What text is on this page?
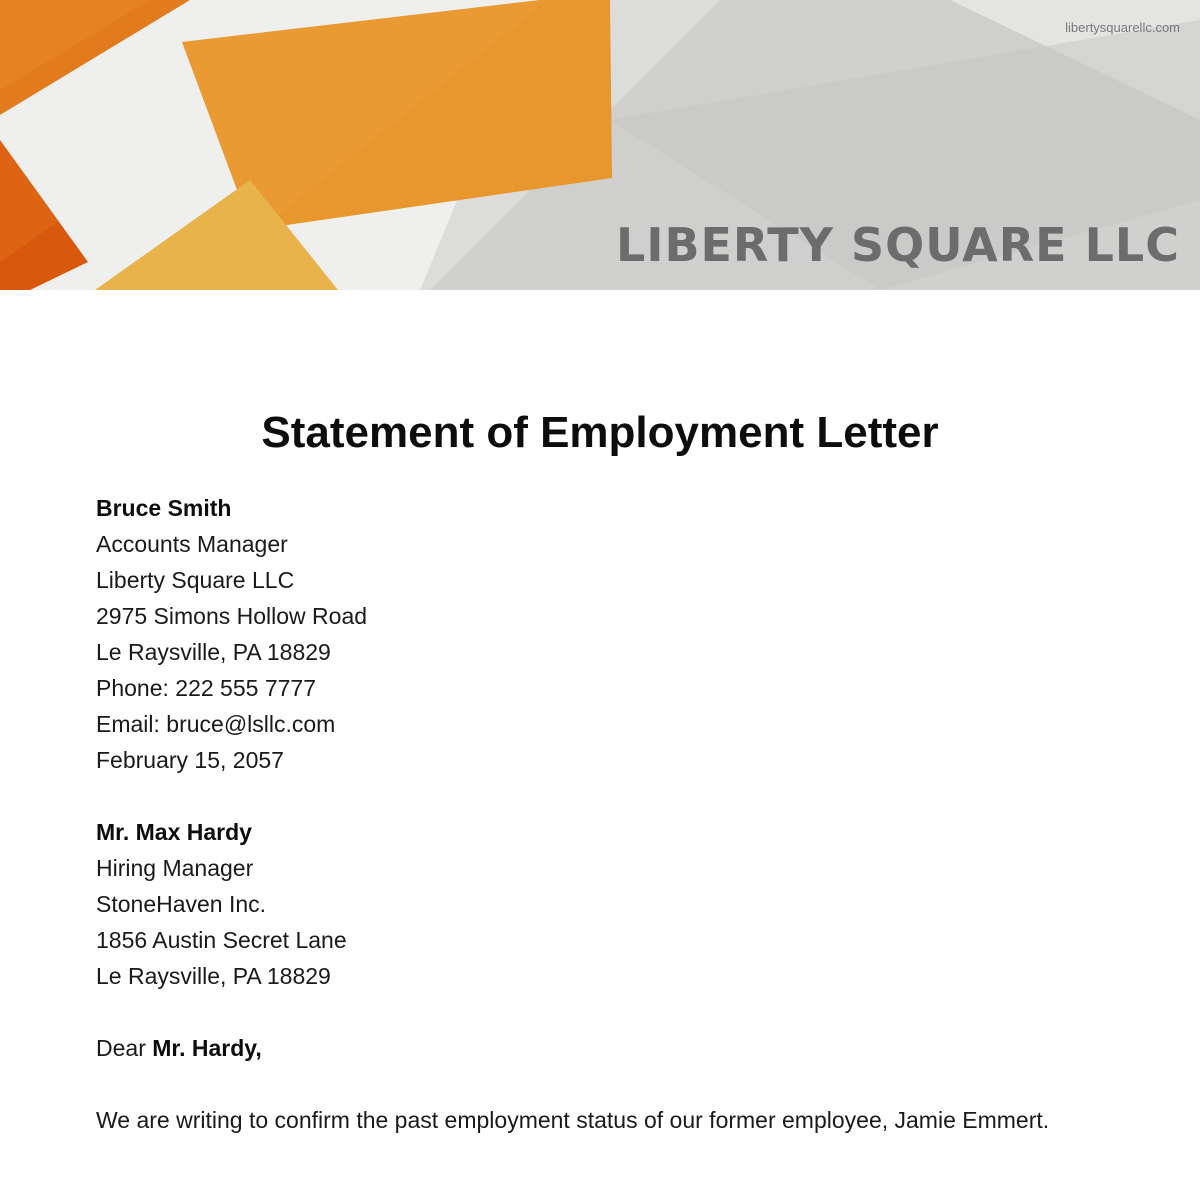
libertysquarellc.com
LIBERTY SQUARE LLC
Statement of Employment Letter
Bruce Smith
Accounts Manager
Liberty Square LLC
2975 Simons Hollow Road
Le Raysville, PA 18829
Phone: 222 555 7777
Email: bruce@lsllc.com
February 15, 2057
Mr. Max Hardy
Hiring Manager
StoneHaven Inc.
1856 Austin Secret Lane
Le Raysville, PA 18829
Dear Mr. Hardy,
We are writing to confirm the past employment status of our former employee, Jamie Emmert.
